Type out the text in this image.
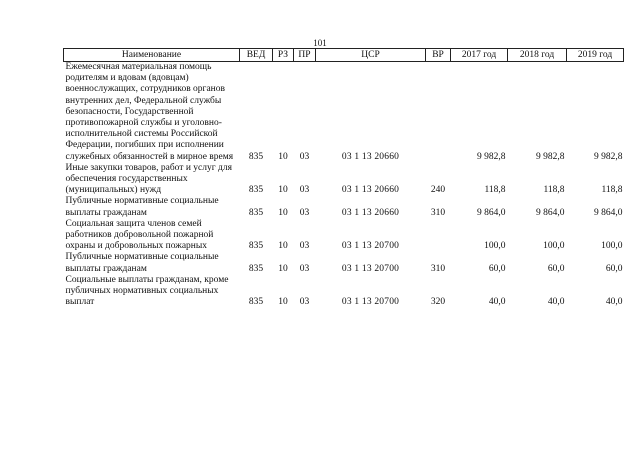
101
Наименование	ВЕД	РЗ	ПР	ЦСР	ВР	2017 год	2018 год	2019 год
Ежемесячная материальная помощь родителям и вдовам (вдовцам) военнослужащих, сотрудников органов внутренних дел, Федеральной службы безопасности, Государственной противопожарной службы и уголовно-исполнительной системы Российской Федерации, погибших при исполнении служебных обязанностей в мирное время	835	10	03	03 1 13 20660		9 982,8	9 982,8	9 982,8
Иные закупки товаров, работ и услуг для обеспечения государственных (муниципальных) нужд	835	10	03	03 1 13 20660	240	118,8	118,8	118,8
Публичные нормативные социальные выплаты гражданам	835	10	03	03 1 13 20660	310	9 864,0	9 864,0	9 864,0
Социальная защита членов семей работников добровольной пожарной охраны и добровольных пожарных	835	10	03	03 1 13 20700		100,0	100,0	100,0
Публичные нормативные социальные выплаты гражданам	835	10	03	03 1 13 20700	310	60,0	60,0	60,0
Социальные выплаты гражданам, кроме публичных нормативных социальных выплат	835	10	03	03 1 13 20700	320	40,0	40,0	40,0
